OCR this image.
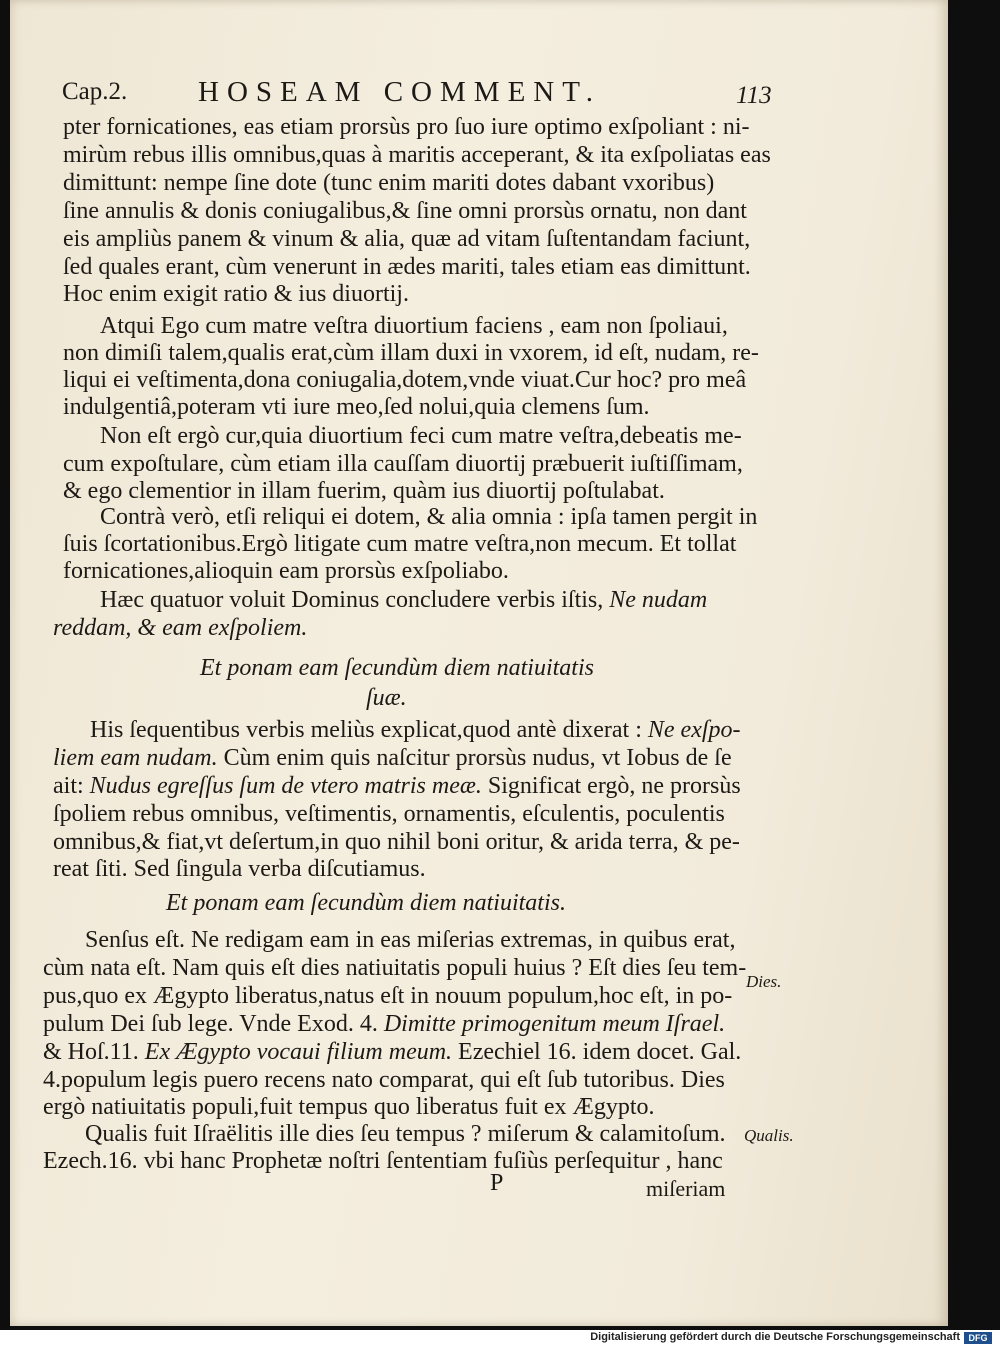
Cap.2. HOSEAM COMMENT.	113
pter fornicationes, eas etiam prorsùs pro ſuo iure optimo exſpoliant : ni-
mirùm rebus illis omnibus,quas à maritis acceperant, & ita exſpoliatas eas
dimittunt: nempe ſine dote (tunc enim mariti dotes dabant vxoribus)
ſine annulis & donis coniugalibus,& ſine omni prorsùs ornatu, non dant
eis ampliùs panem & vinum & alia, quæ ad vitam ſuſtentandam faciunt,
ſed quales erant, cùm venerunt in ædes mariti, tales etiam eas dimittunt.
Hoc enim exigit ratio & ius diuortij.
Atqui Ego cum matre veſtra diuortium faciens , eam non ſpoliaui,
non dimiſi talem,qualis erat,cùm illam duxi in vxorem, id eſt, nudam, re-
liqui ei veſtimenta,dona coniugalia,dotem,vnde viuat.Cur hoc? pro meâ
indulgentiâ,poteram vti iure meo,ſed nolui,quia clemens ſum.
Non eſt ergò cur,quia diuortium feci cum matre veſtra,debeatis me-
cum expoſtulare, cùm etiam illa cauſſam diuortij præbuerit iuſtiſſimam,
& ego clementior in illam fuerim, quàm ius diuortij poſtulabat.
Contrà verò, etſi reliqui ei dotem, & alia omnia : ipſa tamen pergit in
ſuis ſcortationibus.Ergò litigate cum matre veſtra,non mecum. Et tollat
fornicationes,alioquin eam prorsùs exſpoliabo.
Hæc quatuor voluit Dominus concludere verbis iſtis, Ne nudam
reddam, & eam exſpoliem.
Et ponam eam ſecundùm diem natiuitatis
ſuæ.
His ſequentibus verbis meliùs explicat,quod antè dixerat : Ne exſpo-
liem eam nudam. Cùm enim quis naſcitur prorsùs nudus, vt Iobus de ſe
ait: Nudus egreſſus ſum de vtero matris meæ. Significat ergò, ne prorsùs
ſpoliem rebus omnibus, veſtimentis, ornamentis, eſculentis, poculentis
omnibus,& fiat,vt deſertum,in quo nihil boni oritur, & arida terra, & pe-
reat ſiti. Sed ſingula verba diſcutiamus.
Et ponam eam ſecundùm diem natiuitatis.
Senſus eſt. Ne redigam eam in eas miſerias extremas, in quibus erat,
cùm nata eſt. Nam quis eſt dies natiuitatis populi huius ? Eſt dies ſeu tem-
pus,quo ex Ægypto liberatus,natus eſt in nouum populum,hoc eſt, in po-
pulum Dei ſub lege. Vnde Exod. 4. Dimitte primogenitum meum Iſrael.
& Hoſ.11. Ex Ægypto vocaui filium meum. Ezechiel 16. idem docet. Gal.
4.populum legis puero recens nato comparat, qui eſt ſub tutoribus. Dies
ergò natiuitatis populi,fuit tempus quo liberatus fuit ex Ægypto.
Qualis fuit Iſraëlitis ille dies ſeu tempus ? miſerum & calamitoſum.
Ezech.16. vbi hanc Prophetæ noſtri ſententiam fuſiùs perſequitur , hanc
Dies.
Qualis.
P	miſeriam
Digitalisierung gefördert durch die Deutsche Forschungsgemeinschaft DFG
